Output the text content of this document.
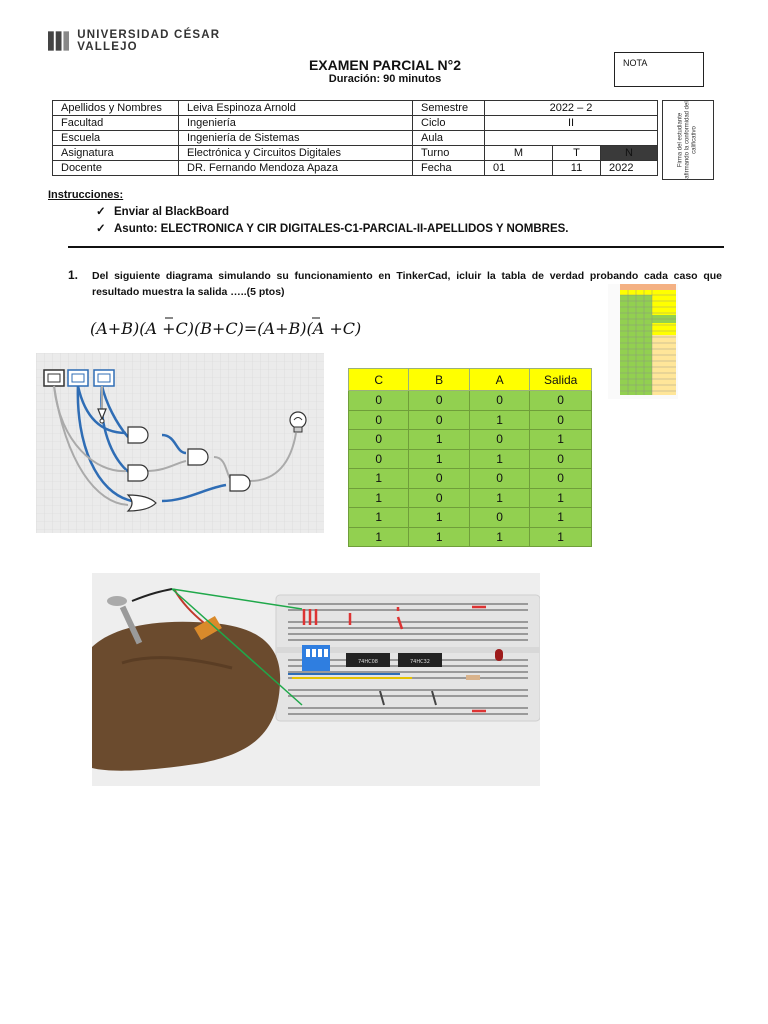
UNIVERSIDAD CÉSAR VALLEJO
EXAMEN PARCIAL N°2
Duración: 90 minutos
NOTA
Apellidos y Nombres	Leiva Espinoza Arnold	Semestre	2022 – 2		
Facultad	Ingeniería	Ciclo	II		
Escuela	Ingeniería de Sistemas	Aula			
Asignatura	Electrónica y Circuitos Digitales	Turno	M	T	N
Docente	DR. Fernando Mendoza Apaza	Fecha	01	11	2022
Firma del estudiante afirmando la conformidad del calificativo
Instrucciones:
✓ Enviar al BlackBoard
✓ Asunto: ELECTRONICA Y CIR DIGITALES-C1-PARCIAL-II-APELLIDOS Y NOMBRES.
1. Del siguiente diagrama simulando su funcionamiento en TinkerCad, icluir la tabla de verdad probando cada caso que resultado muestra la salida …..(5 ptos)
(A+B)(A +C)(B+C)=(A+B)(A +C)
C	B	A	Salida
0	0	0	0
0	0	1	0
0	1	0	1
0	1	1	0
1	0	0	0
1	0	1	1
1	1	0	1
1	1	1	1
74HC08	74HC32
